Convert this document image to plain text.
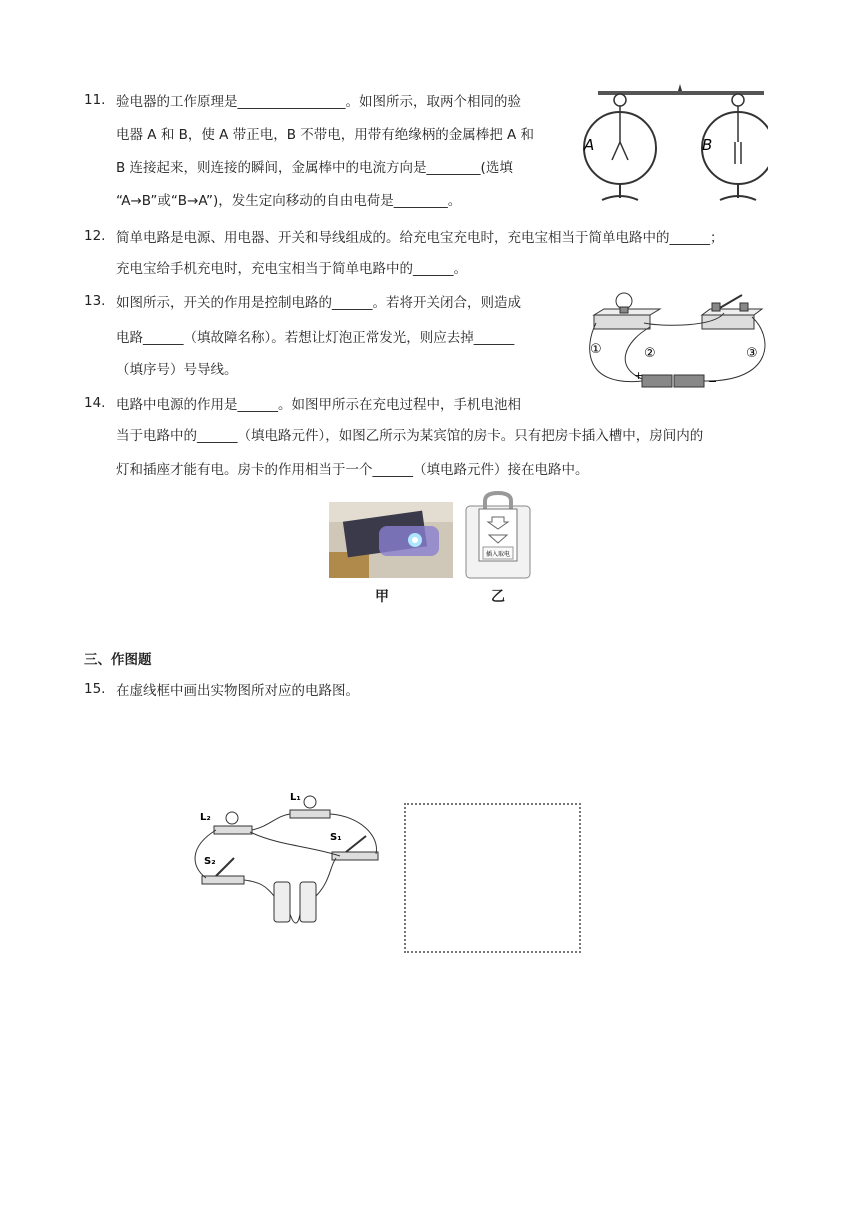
11. 验电器的工作原理是________________。如图所示，取两个相同的验
电器 A 和 B，使 A 带正电，B 不带电，用带有绝缘柄的金属棒把 A 和
B 连接起来，则连接的瞬间，金属棒中的电流方向是________(选填
“A→B”或“B→A”)，发生定向移动的自由电荷是________。
A	B
12. 简单电路是电源、用电器、开关和导线组成的。给充电宝充电时，充电宝相当于简单电路中的______；
充电宝给手机充电时，充电宝相当于简单电路中的______。
13. 如图所示，开关的作用是控制电路的______。若将开关闭合，则造成
电路______（填故障名称）。若想让灯泡正常发光，则应去掉______
（填序号）号导线。
①	②	③
+	−
14. 电路中电源的作用是______。如图甲所示在充电过程中，手机电池相
当于电路中的______（填电路元件），如图乙所示为某宾馆的房卡。只有把房卡插入槽中，房间内的
灯和插座才能有电。房卡的作用相当于一个______（填电路元件）接在电路中。
甲
插入取电
乙
三、作图题
15. 在虚线框中画出实物图所对应的电路图。
L₁
L₂
S₁
S₂
